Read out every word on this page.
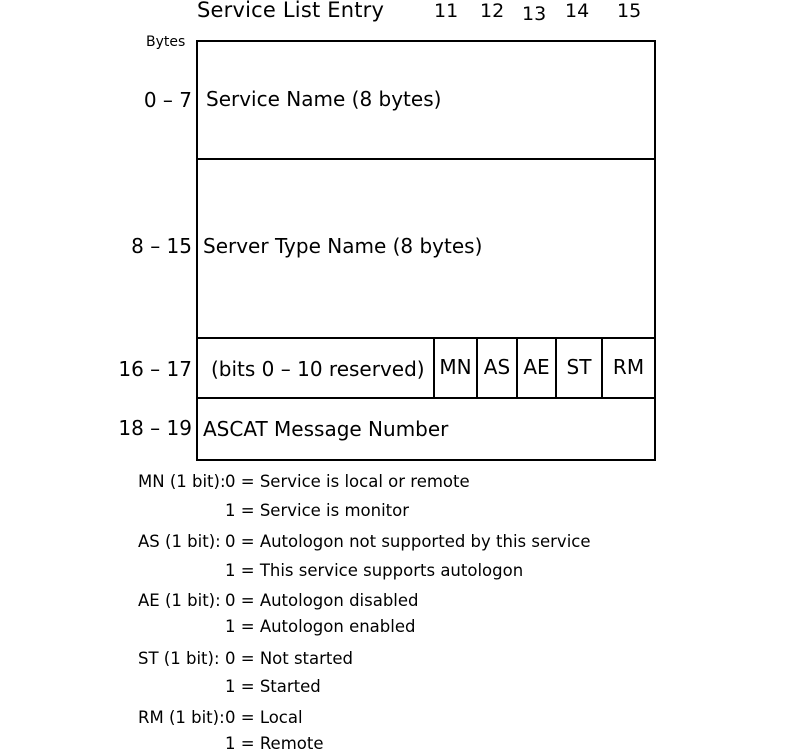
Service List Entry	11 12 13 14 15
Bytes
0 – 7
8 – 15
16 – 17
18 – 19
Service Name (8 bytes)
Server Type Name (8 bytes)
(bits 0 – 10 reserved)
ASCAT Message Number
MN AS AE ST	RM
MN (1 bit): 0 = Service is local or remote
1 = Service is monitor
AS (1 bit): 0 = Autologon not supported by this service
1 = This service supports autologon
AE (1 bit): 0 = Autologon disabled
1 = Autologon enabled
ST (1 bit): 0 = Not started
1 = Started
RM (1 bit): 0 = Local
1 = Remote
